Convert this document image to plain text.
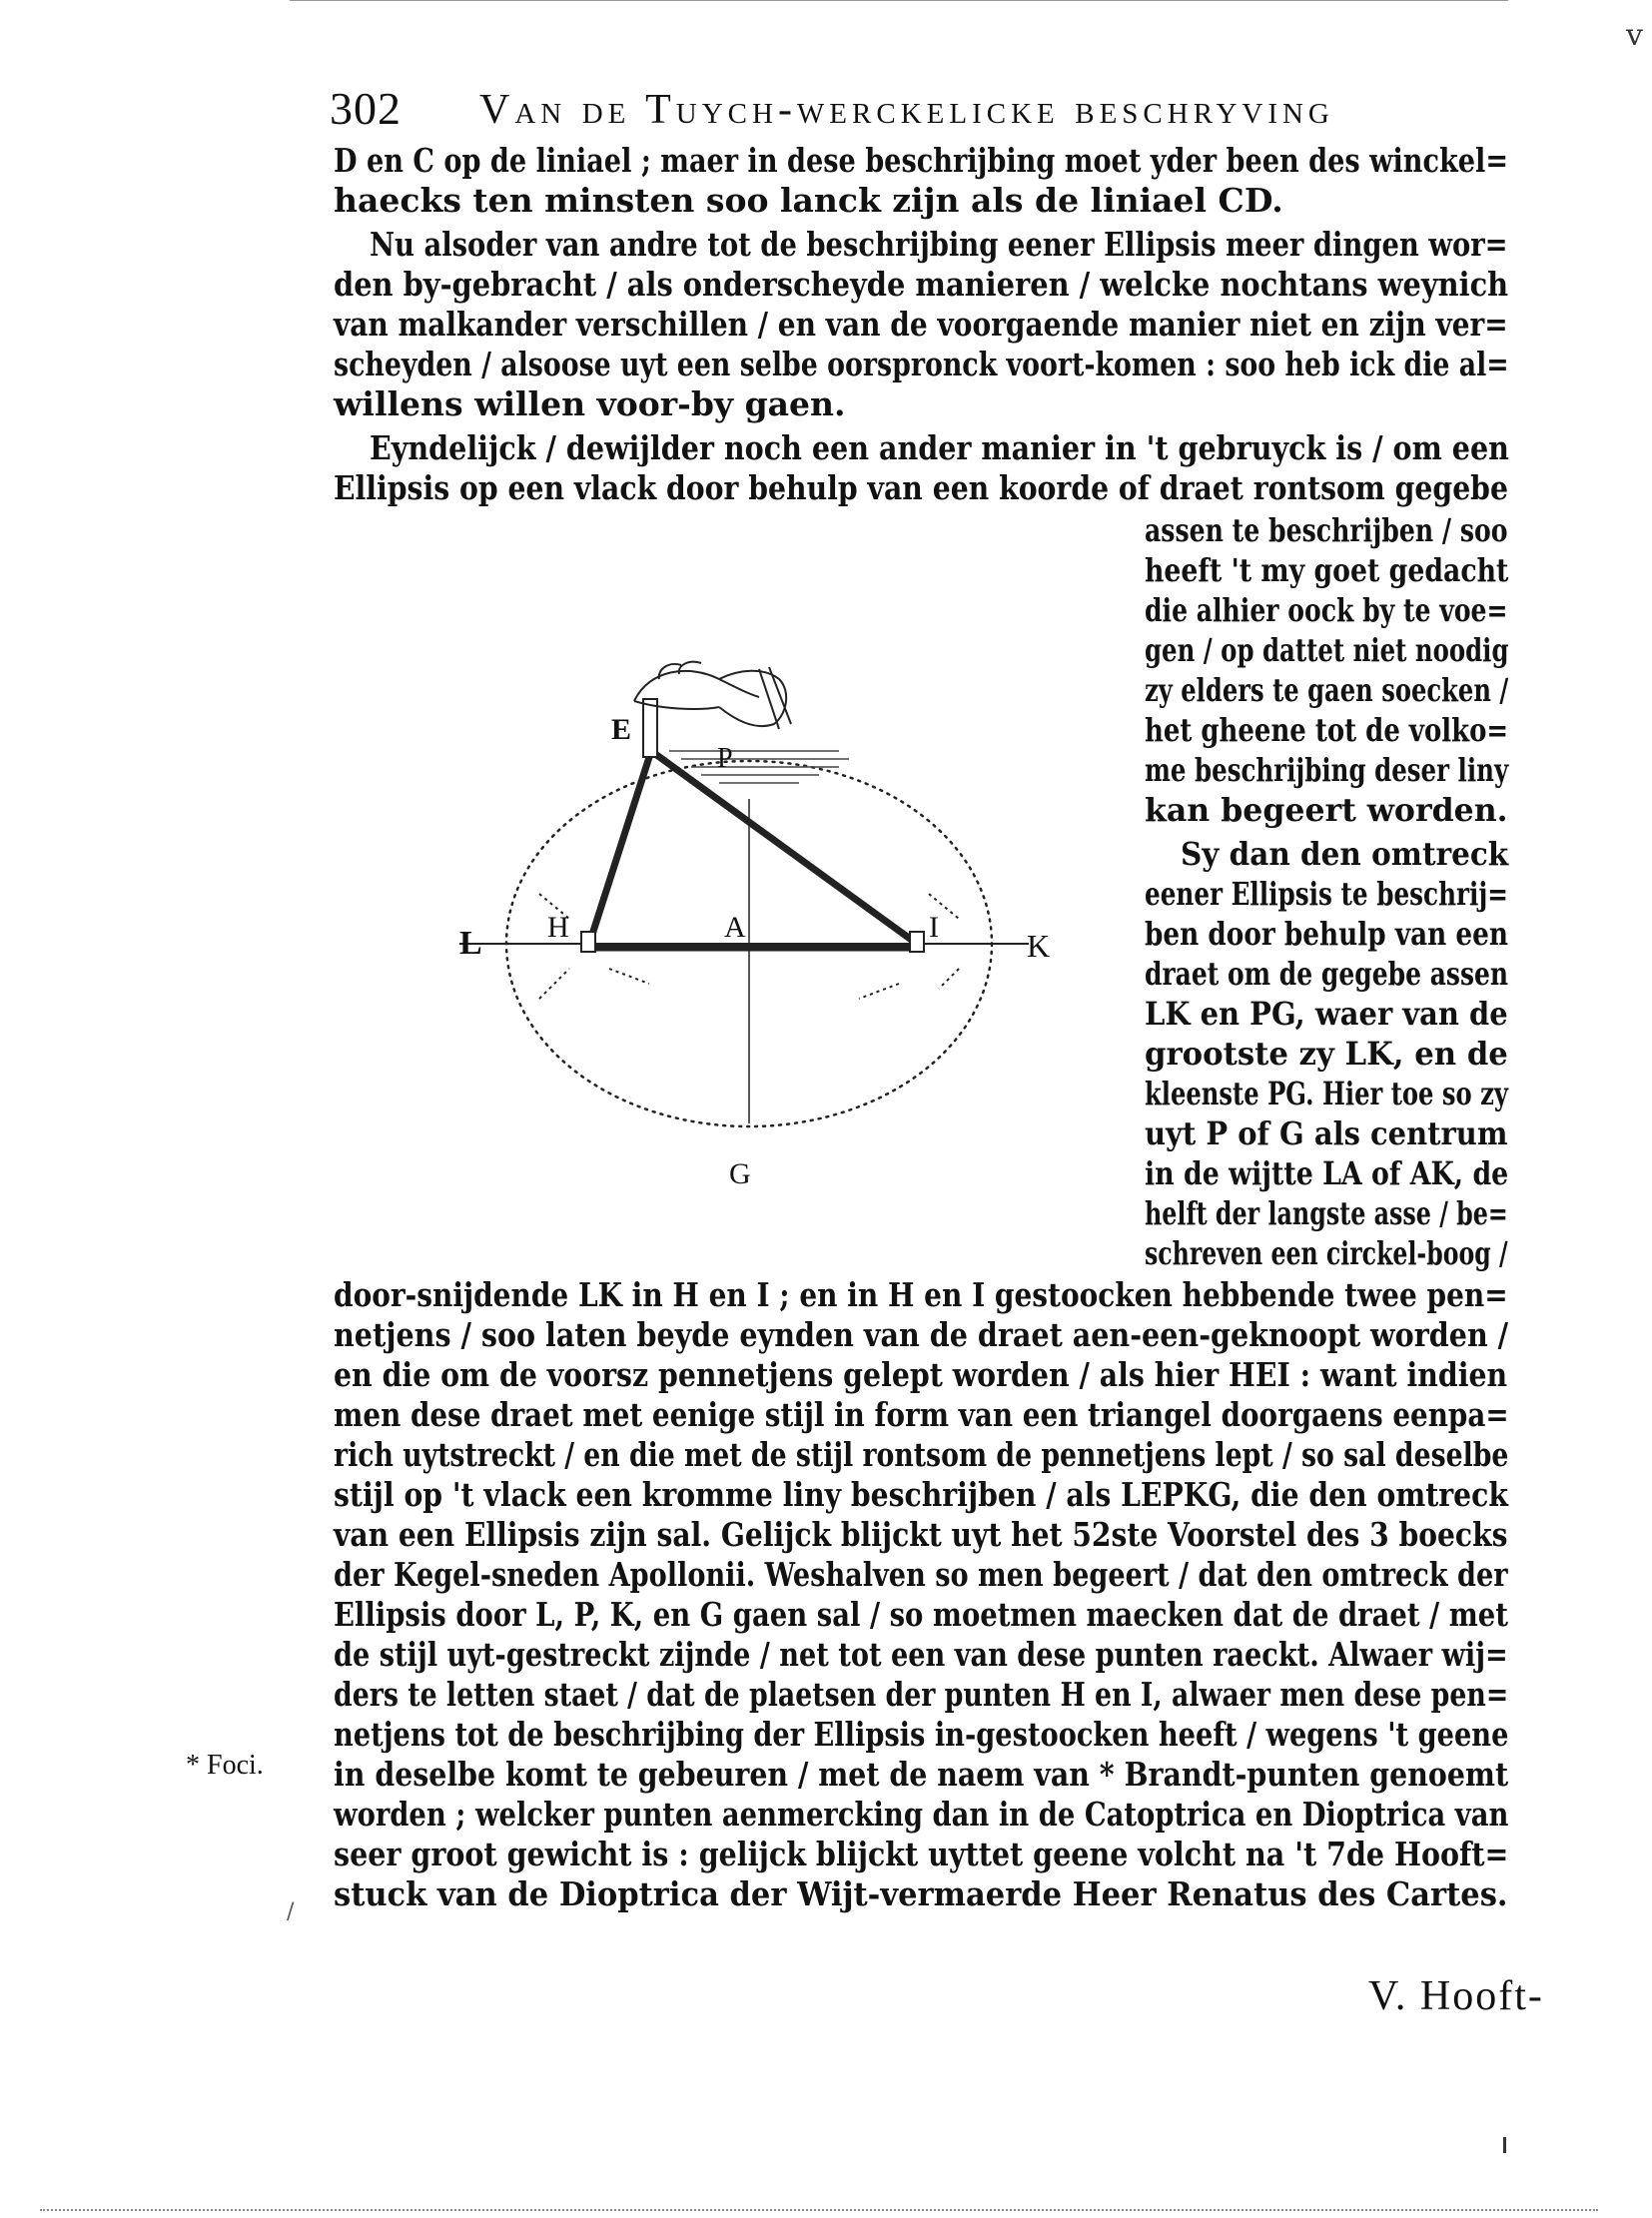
v
302 Van de Tuych-werckelicke beschryving
D en C op de liniael ; maer in dese beschrijbing moet yder been des winckel=
haecks ten minsten soo lanck zijn als de liniael CD.
Nu alsoder van andre tot de beschrijbing eener Ellipsis meer dingen wor=
den by-gebracht / als onderscheyde manieren / welcke nochtans weynich
van malkander verschillen / en van de voorgaende manier niet en zijn ver=
scheyden / alsoose uyt een selbe oorspronck voort-komen : soo heb ick die al=
willens willen voor-by gaen.
Eyndelijck / dewijlder noch een ander manier in 't gebruyck is / om een
Ellipsis op een vlack door behulp van een koorde of draet rontsom gegebe
assen te beschrijben / soo
heeft 't my goet gedacht
die alhier oock by te voe=
gen / op dattet niet noodig
zy elders te gaen soecken /
het gheene tot de volko=
me beschrijbing deser liny
kan begeert worden.
Sy dan den omtreck
eener Ellipsis te beschrij=
ben door behulp van een
draet om de gegebe assen
LK en PG, waer van de
grootste zy LK, en de
kleenste PG. Hier toe so zy
uyt P of G als centrum
in de wijtte LA of AK, de
helft der langste asse / be=
schreven een circkel-boog /
door-snijdende LK in H en I ; en in H en I gestoocken hebbende twee pen=
netjens / soo laten beyde eynden van de draet aen-een-geknoopt worden /
en die om de voorsz pennetjens gelept worden / als hier HEI : want indien
men dese draet met eenige stijl in form van een triangel doorgaens eenpa=
rich uytstreckt / en die met de stijl rontsom de pennetjens lept / so sal deselbe
stijl op 't vlack een kromme liny beschrijben / als LEPKG, die den omtreck
van een Ellipsis zijn sal. Gelijck blijckt uyt het 52ste Voorstel des 3 boecks
der Kegel-sneden Apollonii. Weshalven so men begeert / dat den omtreck der
Ellipsis door L, P, K, en G gaen sal / so moetmen maecken dat de draet / met
de stijl uyt-gestreckt zijnde / net tot een van dese punten raeckt. Alwaer wij=
ders te letten staet / dat de plaetsen der punten H en I, alwaer men dese pen=
netjens tot de beschrijbing der Ellipsis in-gestoocken heeft / wegens 't geene
in deselbe komt te gebeuren / met de naem van * Brandt-punten genoemt
worden ; welcker punten aenmercking dan in de Catoptrica en Dioptrica van
seer groot gewicht is : gelijck blijckt uyttet geene volcht na 't 7de Hooft=
stuck van de Dioptrica der Wijt-vermaerde Heer Renatus des Cartes.
* Foci.
/
V. Hooft-
L H	A	I
K
E
P
G
